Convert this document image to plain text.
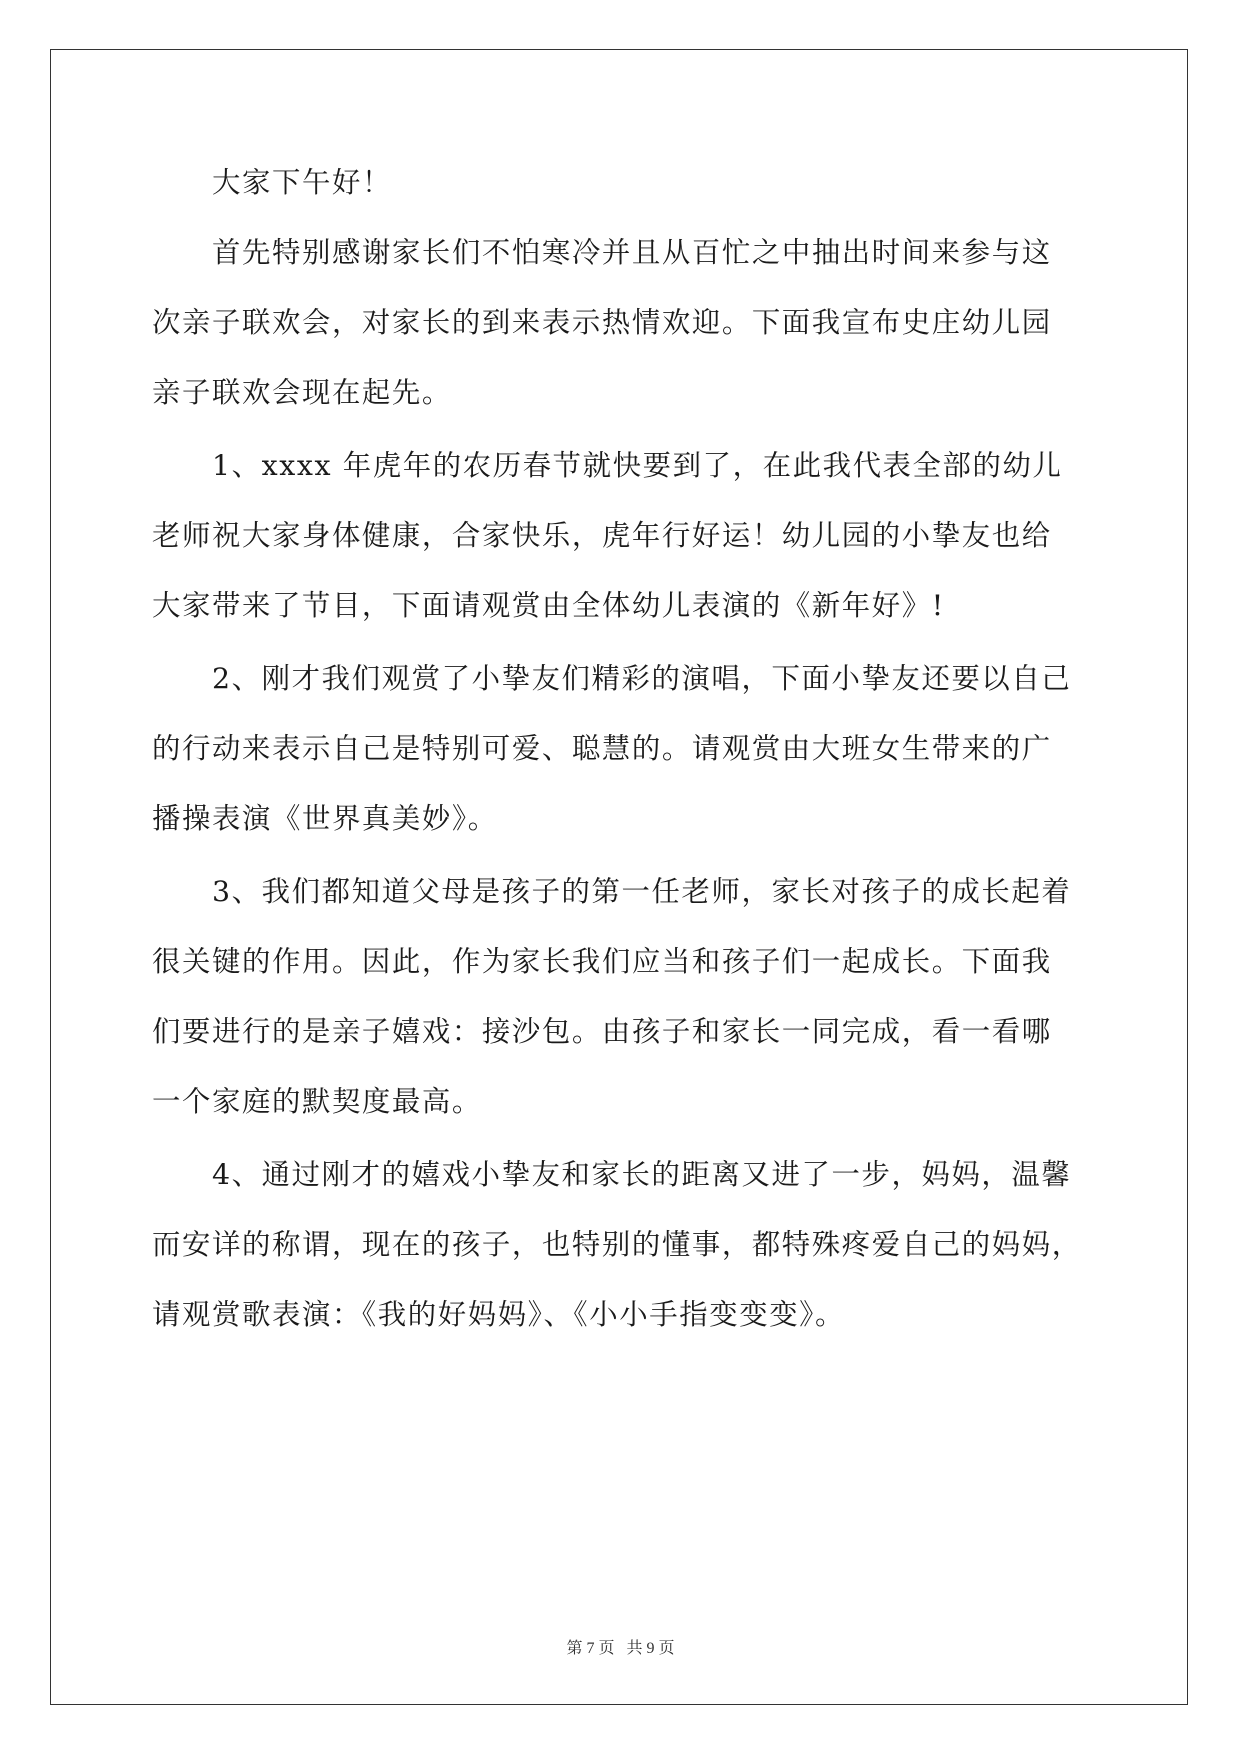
大家下午好！
首先特别感谢家长们不怕寒冷并且从百忙之中抽出时间来参与这
次亲子联欢会，对家长的到来表示热情欢迎。下面我宣布史庄幼儿园
亲子联欢会现在起先。
1、xxxx 年虎年的农历春节就快要到了，在此我代表全部的幼儿
老师祝大家身体健康，合家快乐，虎年行好运！幼儿园的小挚友也给
大家带来了节目，下面请观赏由全体幼儿表演的《新年好》!
2、刚才我们观赏了小挚友们精彩的演唱，下面小挚友还要以自己
的行动来表示自己是特别可爱、聪慧的。请观赏由大班女生带来的广
播操表演《世界真美妙》。
3、我们都知道父母是孩子的第一任老师，家长对孩子的成长起着
很关键的作用。因此，作为家长我们应当和孩子们一起成长。下面我
们要进行的是亲子嬉戏：接沙包。由孩子和家长一同完成，看一看哪
一个家庭的默契度最高。
4、通过刚才的嬉戏小挚友和家长的距离又进了一步，妈妈，温馨
而安详的称谓，现在的孩子，也特别的懂事，都特殊疼爱自己的妈妈，
请观赏歌表演：《我的好妈妈》、《小小手指变变变》。
第 7 页   共 9 页
